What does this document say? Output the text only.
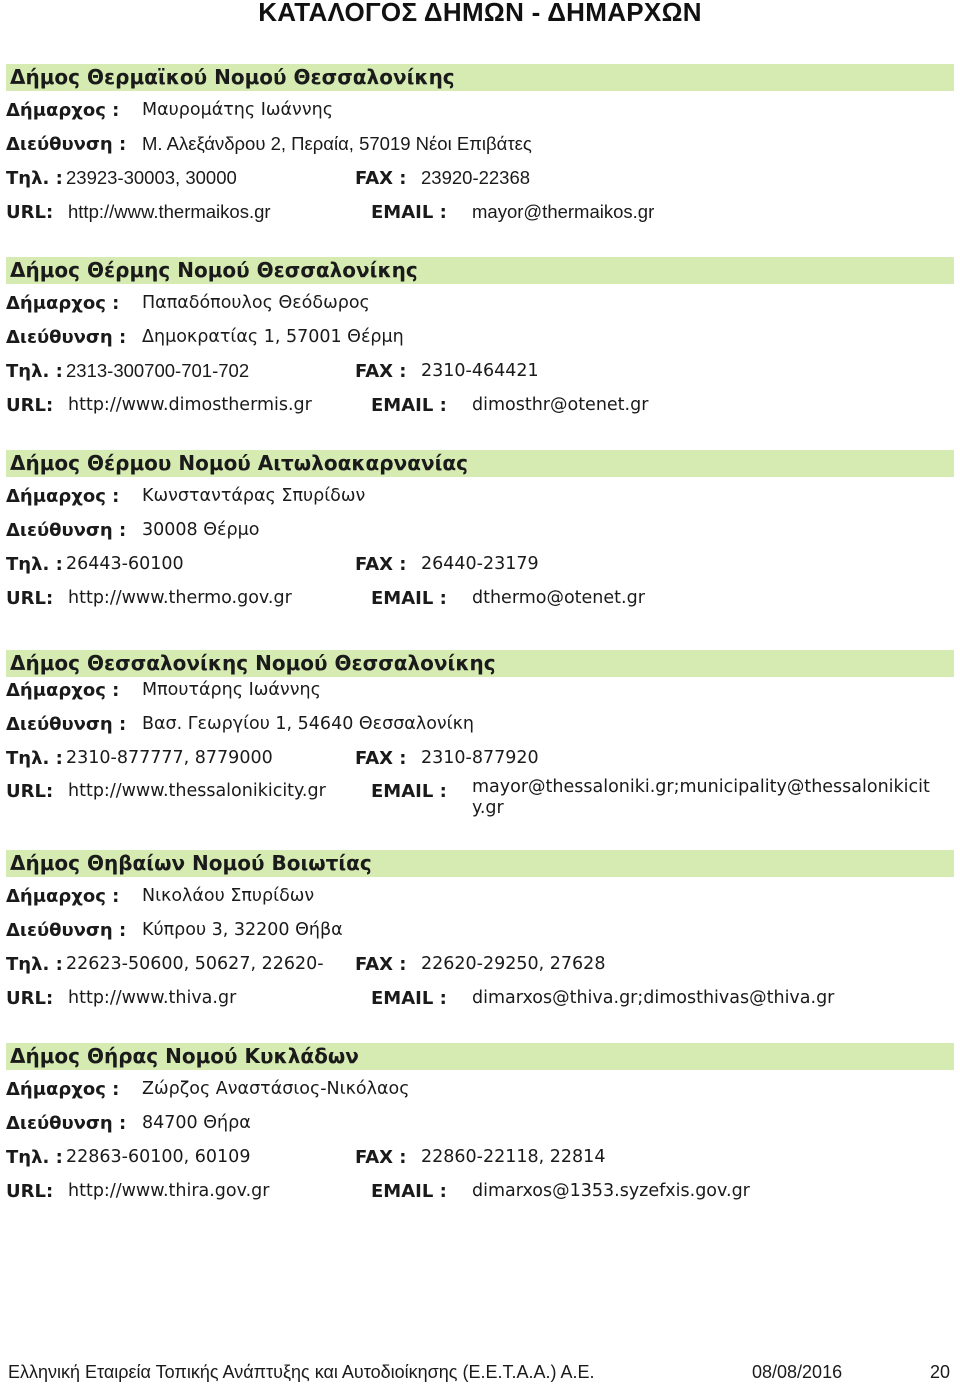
ΚΑΤΑΛΟΓΟΣ ΔΗΜΩΝ - ΔΗΜΑΡΧΩΝ
Δήμος Θερμαϊκού Νομού Θεσσαλονίκης
Δήμαρχος : Μαυρομάτης Ιωάννης
Διεύθυνση : Μ. Αλεξάνδρου 2, Περαία, 57019 Νέοι Επιβάτες
Τηλ. : 23923-30003, 30000	FAX : 23920-22368
URL: http://www.thermaikos.gr	EMAIL : mayor@thermaikos.gr
Δήμος Θέρμης Νομού Θεσσαλονίκης
Δήμαρχος : Παπαδόπουλος Θεόδωρος
Διεύθυνση : Δημοκρατίας 1, 57001 Θέρμη
Τηλ. : 2313-300700-701-702	FAX : 2310-464421
URL: http://www.dimosthermis.gr	EMAIL : dimosthr@otenet.gr
Δήμος Θέρμου Νομού Αιτωλοακαρνανίας
Δήμαρχος : Κωνσταντάρας Σπυρίδων
Διεύθυνση : 30008 Θέρμο
Τηλ. : 26443-60100	FAX : 26440-23179
URL: http://www.thermo.gov.gr	EMAIL : dthermo@otenet.gr
Δήμος Θεσσαλονίκης Νομού Θεσσαλονίκης
Δήμαρχος : Μπουτάρης Ιωάννης
Διεύθυνση : Βασ. Γεωργίου 1, 54640 Θεσσαλονίκη
Τηλ. : 2310-877777, 8779000	FAX : 2310-877920
URL: http://www.thessalonikicity.gr	EMAIL : mayor@thessaloniki.gr;municipality@thessalonikicit
y.gr
Δήμος Θηβαίων Νομού Βοιωτίας
Δήμαρχος : Νικολάου Σπυρίδων
Διεύθυνση : Κύπρου 3, 32200 Θήβα
Τηλ. : 22623-50600, 50627, 22620- FAX : 22620-29250, 27628
URL: http://www.thiva.gr	EMAIL : dimarxos@thiva.gr;dimosthivas@thiva.gr
Δήμος Θήρας Νομού Κυκλάδων
Δήμαρχος : Ζώρζος Αναστάσιος-Νικόλαος
Διεύθυνση : 84700 Θήρα
Τηλ. : 22863-60100, 60109	FAX : 22860-22118, 22814
URL: http://www.thira.gov.gr	EMAIL : dimarxos@1353.syzefxis.gov.gr
Ελληνική Εταιρεία Τοπικής Ανάπτυξης και Αυτοδιοίκησης (Ε.Ε.Τ.Α.Α.) Α.Ε.	08/08/2016	20
